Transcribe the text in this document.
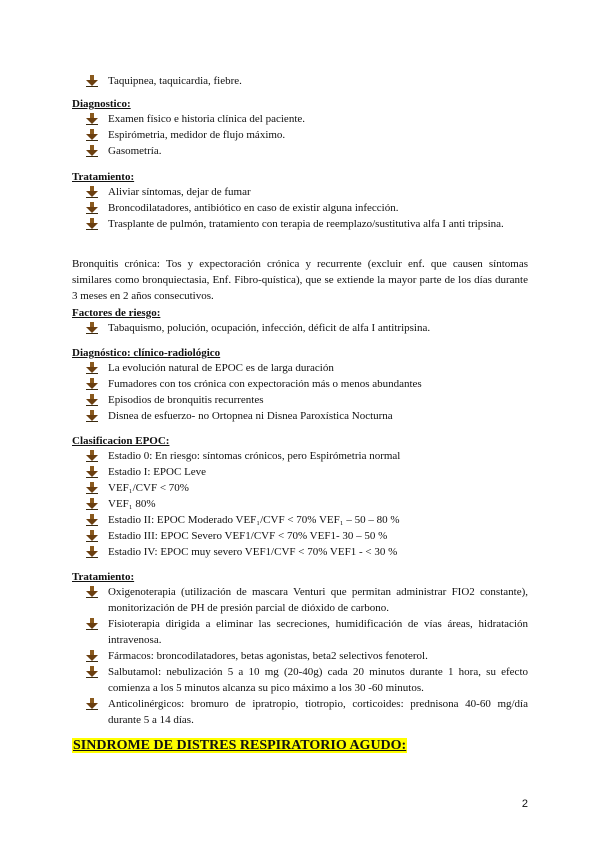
Taquipnea, taquicardia, fiebre.

Diagnostico:

Examen físico e historia clínica del paciente.
Espirómetria, medidor de flujo máximo.
Gasometría.

Tratamiento:

Aliviar síntomas, dejar de fumar
Broncodilatadores, antibiótico en caso de existir alguna infección.
Trasplante de pulmón, tratamiento con terapia de reemplazo/sustitutiva alfa I anti tripsina.

Bronquitis crónica: Tos y expectoración crónica y recurrente (excluir enf. que causen síntomas similares como bronquiectasia, Enf. Fibro-quística), que se extiende la mayor parte de los días durante 3 meses en 2 años consecutivos.

Factores de riesgo:

Tabaquismo, polución, ocupación, infección, déficit de alfa I antitripsina.

Diagnóstico: clínico-radiológico

La evolución natural de EPOC es de larga duración
Fumadores con tos crónica con expectoración más o menos abundantes
Episodios de bronquitis recurrentes
Disnea de esfuerzo- no Ortopnea ni Disnea Paroxística Nocturna

Clasificacion EPOC:

Estadio 0: En riesgo: síntomas crónicos, pero Espirómetria normal
Estadio I: EPOC Leve
VEF₁/CVF < 70%
VEF₁ 80%
Estadio II: EPOC Moderado VEF₁/CVF < 70% VEF₁ – 50 – 80 %
Estadio III: EPOC Severo VEF1/CVF < 70% VEF1- 30 – 50 %
Estadio IV: EPOC muy severo VEF1/CVF < 70% VEF1 - < 30 %

Tratamiento:

Oxigenoterapia (utilización de mascara Venturi que permitan administrar FIO2 constante), monitorización de PH de presión parcial de dióxido de carbono.
Fisioterapia dirigida a eliminar las secreciones, humidificación de vías áreas, hidratación intravenosa.
Fármacos: broncodilatadores, betas agonistas, beta2 selectivos fenoterol.
Salbutamol: nebulización 5 a 10 mg (20-40g) cada 20 minutos durante 1 hora, su efecto comienza a los 5 minutos alcanza su pico máximo a los 30 -60 minutos.
Anticolinérgicos: bromuro de ipratropio, tiotropio, corticoides: prednisona 40-60 mg/día durante 5 a 14 días.
SINDROME DE DISTRES RESPIRATORIO AGUDO:
2
